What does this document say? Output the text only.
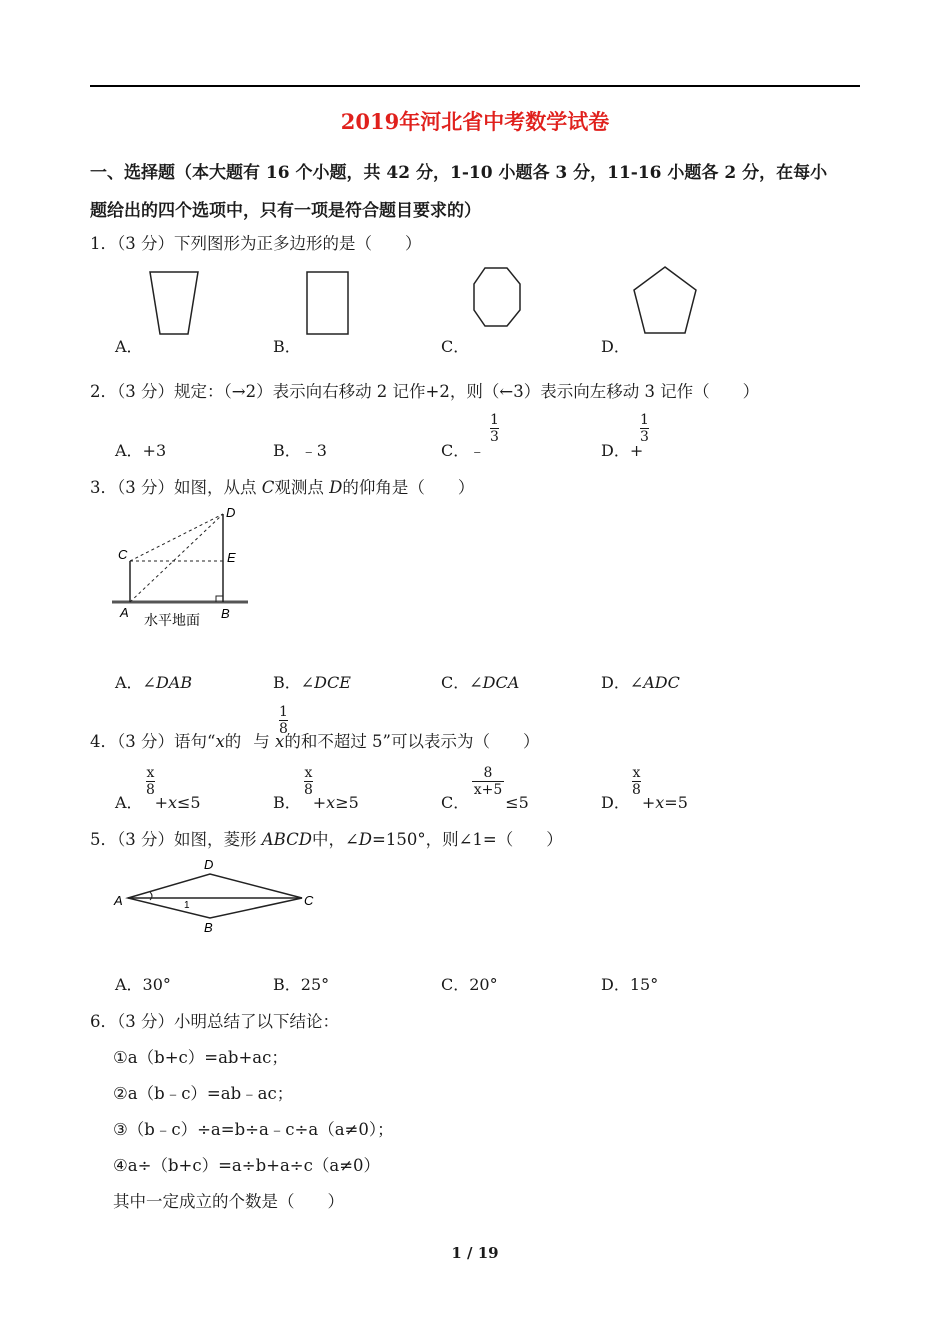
2019年河北省中考数学试卷
一、选择题（本大题有 16 个小题，共 42 分，1-10 小题各 3 分，11-16 小题各 2 分，在每小
题给出的四个选项中，只有一项是符合题目要求的）
1．（3 分）下列图形为正多边形的是（　　）
A．	B．	C．	D．
2．（3 分）规定：（→2）表示向右移动 2 记作+2，则（←3）表示向左移动 3 记作（　　）
A．+3	B．﹣3	C．﹣
1
3
D．+
1
3
3．（3 分）如图，从点 C观测点 D的仰角是（　　）
C
D
E
A	B
水平地面
A．∠DAB	B．∠DCE	C．∠DCA	D．∠ADC
4．（3 分）语句“x的 与 x的和不超过 5”可以表示为（　　）
1
8
A． +x≤5
x
8
B． +x≥5
x
8
C． ≤5
8
x+5
D． +x=5
x
8
5．（3 分）如图，菱形 ABCD中，∠D=150°，则∠1=（　　）
A
D
C
B
1
A．30°	B．25°	C．20°	D．15°
6．（3 分）小明总结了以下结论：
①a（b+c）=ab+ac；
②a（b﹣c）=ab﹣ac；
③（b﹣c）÷a=b÷a﹣c÷a（a≠0）；
④a÷（b+c）=a÷b+a÷c（a≠0）
其中一定成立的个数是（　　）
1 / 19
